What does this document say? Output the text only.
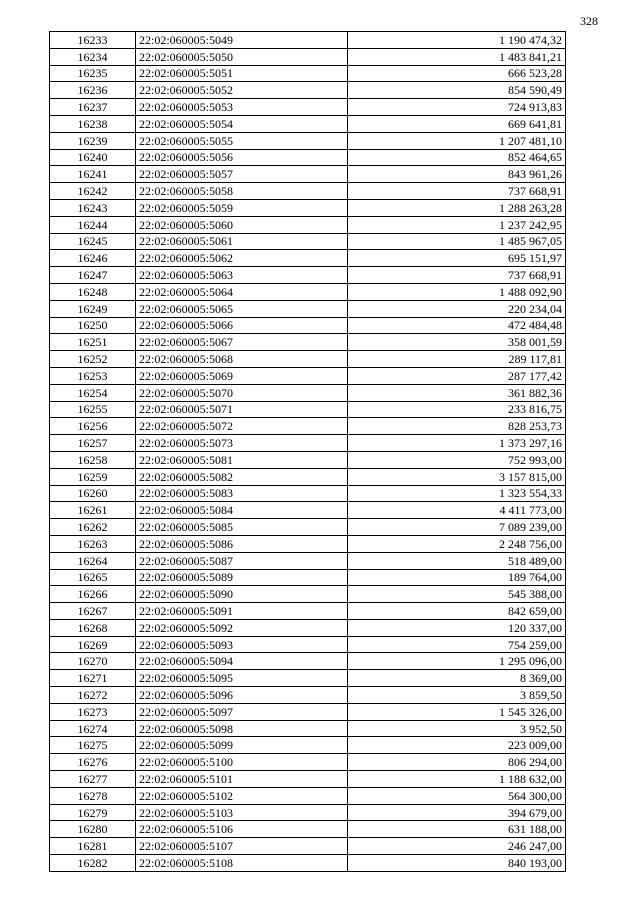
328
16233	22:02:060005:5049	1 190 474,32
16234	22:02:060005:5050	1 483 841,21
16235	22:02:060005:5051	666 523,28
16236	22:02:060005:5052	854 590,49
16237	22:02:060005:5053	724 913,83
16238	22:02:060005:5054	669 641,81
16239	22:02:060005:5055	1 207 481,10
16240	22:02:060005:5056	852 464,65
16241	22:02:060005:5057	843 961,26
16242	22:02:060005:5058	737 668,91
16243	22:02:060005:5059	1 288 263,28
16244	22:02:060005:5060	1 237 242,95
16245	22:02:060005:5061	1 485 967,05
16246	22:02:060005:5062	695 151,97
16247	22:02:060005:5063	737 668,91
16248	22:02:060005:5064	1 488 092,90
16249	22:02:060005:5065	220 234,04
16250	22:02:060005:5066	472 484,48
16251	22:02:060005:5067	358 001,59
16252	22:02:060005:5068	289 117,81
16253	22:02:060005:5069	287 177,42
16254	22:02:060005:5070	361 882,36
16255	22:02:060005:5071	233 816,75
16256	22:02:060005:5072	828 253,73
16257	22:02:060005:5073	1 373 297,16
16258	22:02:060005:5081	752 993,00
16259	22:02:060005:5082	3 157 815,00
16260	22:02:060005:5083	1 323 554,33
16261	22:02:060005:5084	4 411 773,00
16262	22:02:060005:5085	7 089 239,00
16263	22:02:060005:5086	2 248 756,00
16264	22:02:060005:5087	518 489,00
16265	22:02:060005:5089	189 764,00
16266	22:02:060005:5090	545 388,00
16267	22:02:060005:5091	842 659,00
16268	22:02:060005:5092	120 337,00
16269	22:02:060005:5093	754 259,00
16270	22:02:060005:5094	1 295 096,00
16271	22:02:060005:5095	8 369,00
16272	22:02:060005:5096	3 859,50
16273	22:02:060005:5097	1 545 326,00
16274	22:02:060005:5098	3 952,50
16275	22:02:060005:5099	223 009,00
16276	22:02:060005:5100	806 294,00
16277	22:02:060005:5101	1 188 632,00
16278	22:02:060005:5102	564 300,00
16279	22:02:060005:5103	394 679,00
16280	22:02:060005:5106	631 188,00
16281	22:02:060005:5107	246 247,00
16282	22:02:060005:5108	840 193,00
